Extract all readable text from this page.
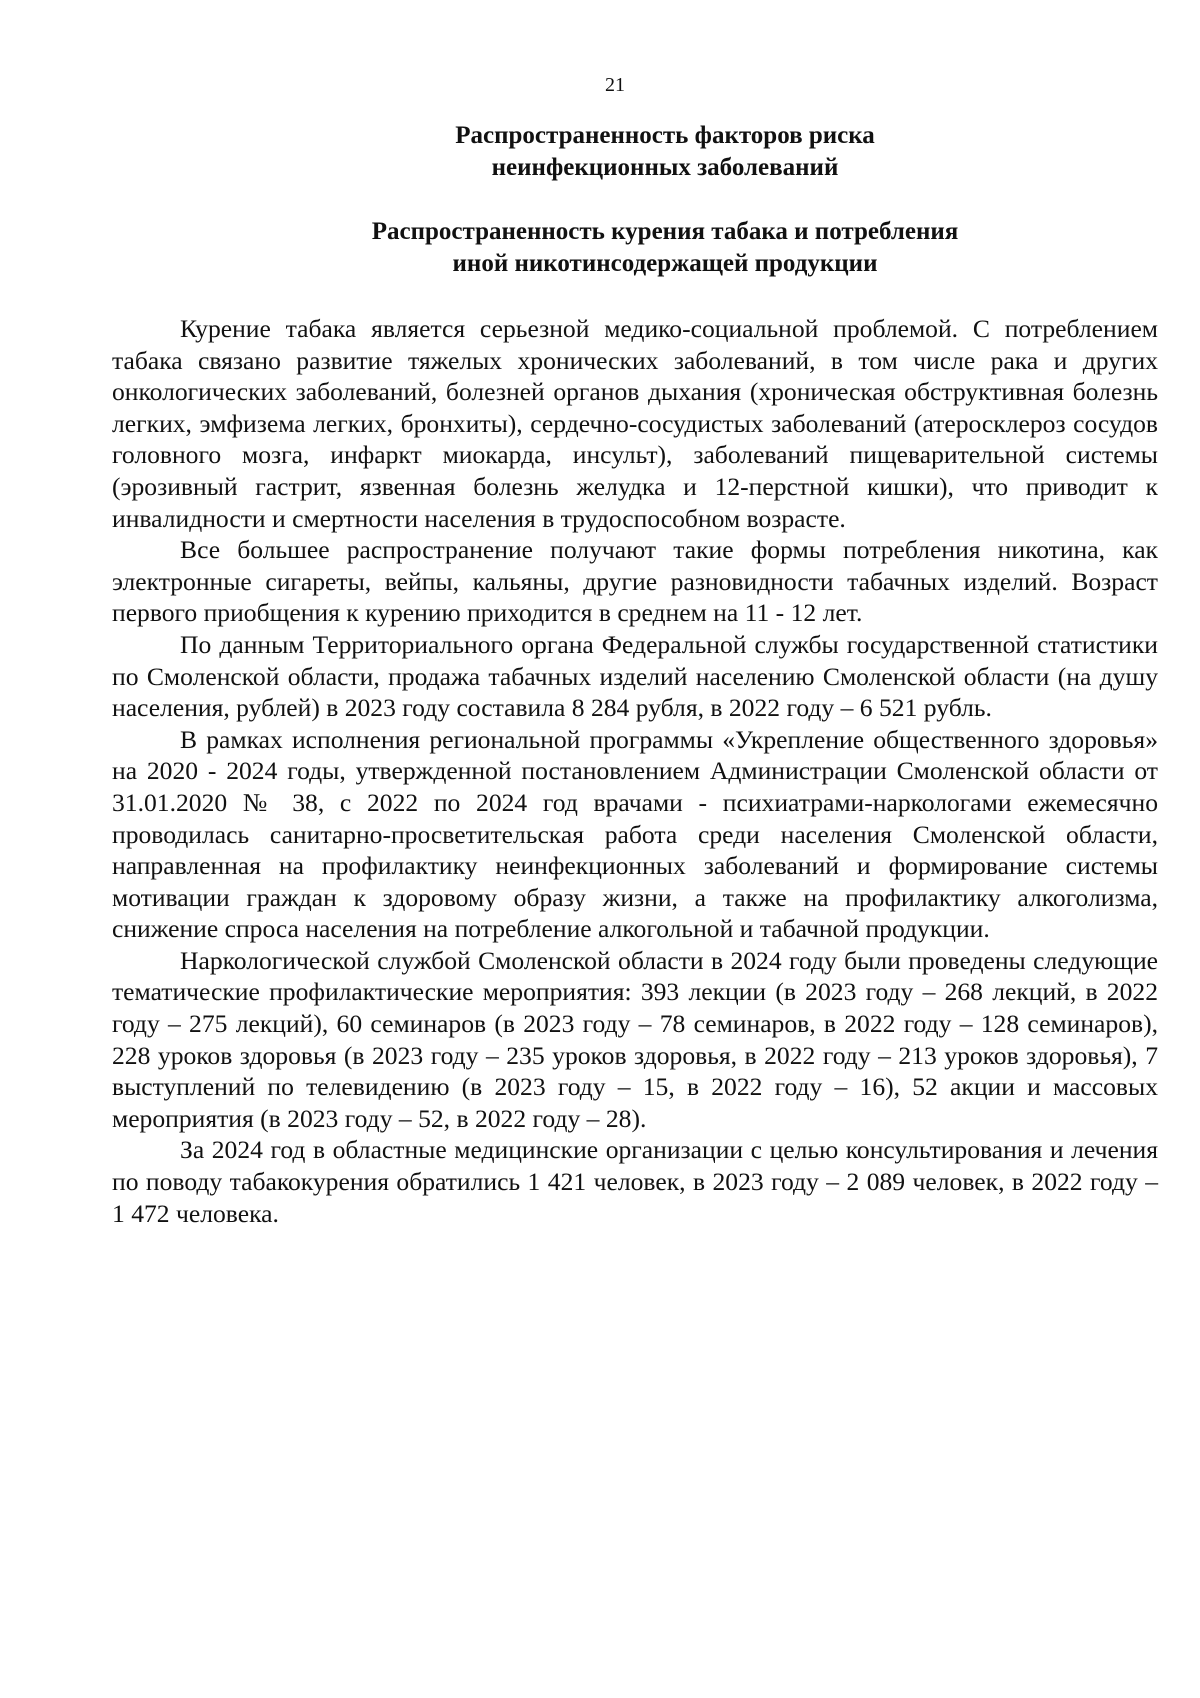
21
Распространенность факторов риска
неинфекционных заболеваний
Распространенность курения табака и потребления
иной никотинсодержащей продукции

Курение табака является серьезной медико-социальной проблемой. С потреблением табака связано развитие тяжелых хронических заболеваний, в том числе рака и других онкологических заболеваний, болезней органов дыхания (хроническая обструктивная болезнь легких, эмфизема легких, бронхиты), сердечно-сосудистых заболеваний (атеросклероз сосудов головного мозга, инфаркт миокарда, инсульт), заболеваний пищеварительной системы (эрозивный гастрит, язвенная болезнь желудка и 12-перстной кишки), что приводит к инвалидности и смертности населения в трудоспособном возрасте.

Все большее распространение получают такие формы потребления никотина, как электронные сигареты, вейпы, кальяны, другие разновидности табачных изделий. Возраст первого приобщения к курению приходится в среднем на 11 - 12 лет.

По данным Территориального органа Федеральной службы государственной статистики по Смоленской области, продажа табачных изделий населению Смоленской области (на душу населения, рублей) в 2023 году составила 8 284 рубля, в 2022 году – 6 521 рубль.

В рамках исполнения региональной программы «Укрепление общественного здоровья» на 2020 - 2024 годы, утвержденной постановлением Администрации Смоленской области от 31.01.2020 № 38, с 2022 по 2024 год врачами - психиатрами-наркологами ежемесячно проводилась санитарно-просветительская работа среди населения Смоленской области, направленная на профилактику неинфекционных заболеваний и формирование системы мотивации граждан к здоровому образу жизни, а также на профилактику алкоголизма, снижение спроса населения на потребление алкогольной и табачной продукции.

Наркологической службой Смоленской области в 2024 году были проведены следующие тематические профилактические мероприятия: 393 лекции (в 2023 году – 268 лекций, в 2022 году – 275 лекций), 60 семинаров (в 2023 году – 78 семинаров, в 2022 году – 128 семинаров), 228 уроков здоровья (в 2023 году – 235 уроков здоровья, в 2022 году – 213 уроков здоровья), 7 выступлений по телевидению (в 2023 году – 15, в 2022 году – 16), 52 акции и массовых мероприятия (в 2023 году – 52, в 2022 году – 28).

За 2024 год в областные медицинские организации с целью консультирования и лечения по поводу табакокурения обратились 1 421 человек, в 2023 году – 2 089 человек, в 2022 году – 1 472 человека.
